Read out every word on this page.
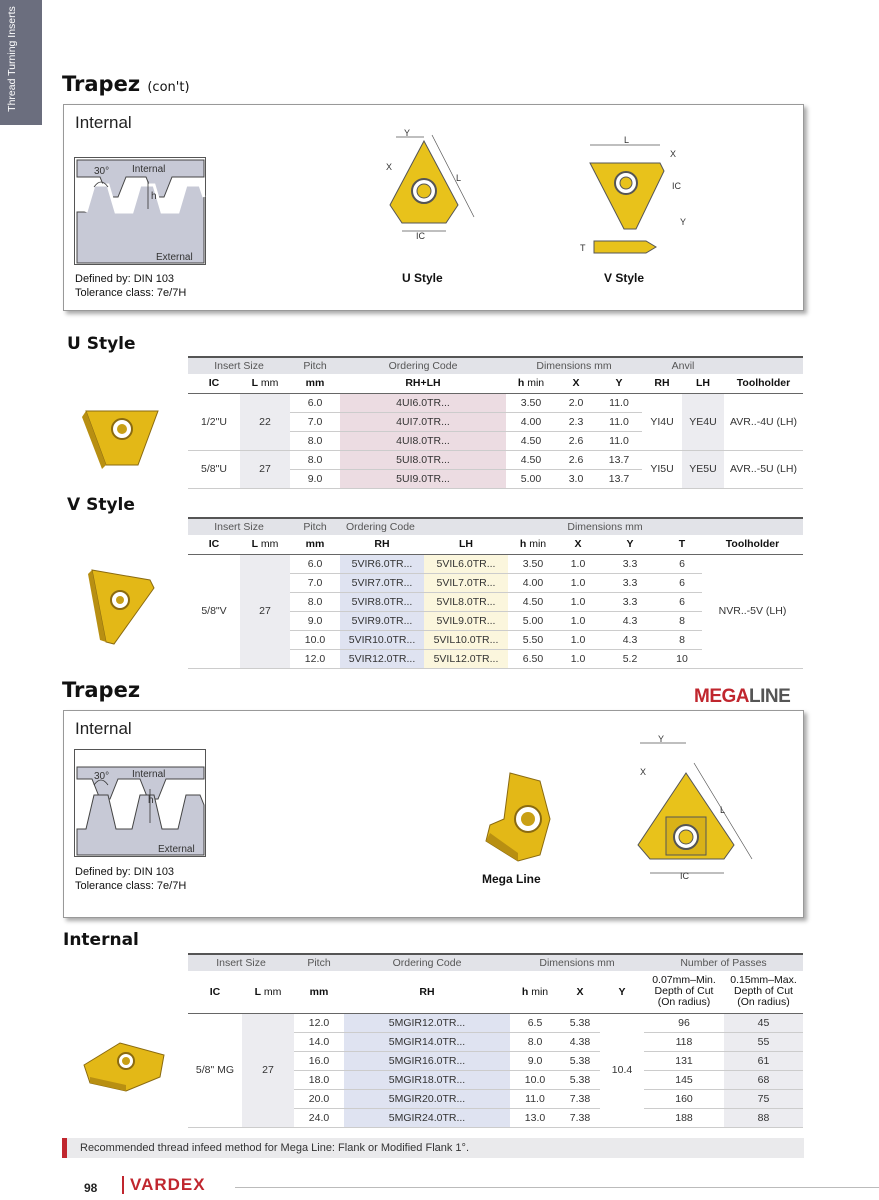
Thread Turning Inserts Trapez (con't)
Internal
30° Internal
h
External
Defined by: DIN 103
Tolerance class: 7e/7H
Y
X
L
IC
U Style
L
X
IC
Y
T
V Style
U Style
Insert Size		Pitch	Ordering Code	Dimensions mm			Anvil		
IC	L mm	mm	RH+LH	h min	X	Y	RH	LH	Toolholder
1/2"U	22	6.0	4UI6.0TR...	3.50	2.0	11.0	YI4U	YE4U	AVR..-4U (LH)
		7.0	4UI7.0TR...	4.00	2.3	11.0			
		8.0	4UI8.0TR...	4.50	2.6	11.0			
5/8"U	27	8.0	5UI8.0TR...	4.50	2.6	13.7	YI5U	YE5U	AVR..-5U (LH)
		9.0	5UI9.0TR...	5.00	3.0	13.7			
V Style
Insert Size		Pitch	Ordering Code		Dimensions mm				
IC	L mm	mm	RH	LH	h min	X	Y	T	Toolholder
5/8"V	27	6.0	5VIR6.0TR...	5VIL6.0TR...	3.50	1.0	3.3	6	NVR..-5V (LH)
		7.0	5VIR7.0TR...	5VIL7.0TR...	4.00	1.0	3.3	6	
		8.0	5VIR8.0TR...	5VIL8.0TR...	4.50	1.0	3.3	6	
		9.0	5VIR9.0TR...	5VIL9.0TR...	5.00	1.0	4.3	8	
		10.0	5VIR10.0TR...	5VIL10.0TR...	5.50	1.0	4.3	8	
		12.0	5VIR12.0TR...	5VIL12.0TR...	6.50	1.0	5.2	10	
Trapez	MEGALINE
Internal
30° Internal
h
External
Defined by: DIN 103
Tolerance class: 7e/7H	Mega Line
Y
X
L
IC
Internal
Insert Size		Pitch	Ordering Code	Dimensions mm			Number of Passes	
IC	L mm	mm	RH	h min	X	Y	0.07mm–Min.
Depth of Cut
(On radius)	0.15mm–Max.
Depth of Cut
(On radius)
5/8" MG	27	12.0	5MGIR12.0TR...	6.5	5.38	10.4	96	45
		14.0	5MGIR14.0TR...	8.0	4.38		118	55
		16.0	5MGIR16.0TR...	9.0	5.38		131	61
		18.0	5MGIR18.0TR...	10.0	5.38		145	68
		20.0	5MGIR20.0TR...	11.0	7.38		160	75
		24.0	5MGIR24.0TR...	13.0	7.38		188	88
Recommended thread infeed method for Mega Line: Flank or Modified Flank 1°.
98	VARDEX
